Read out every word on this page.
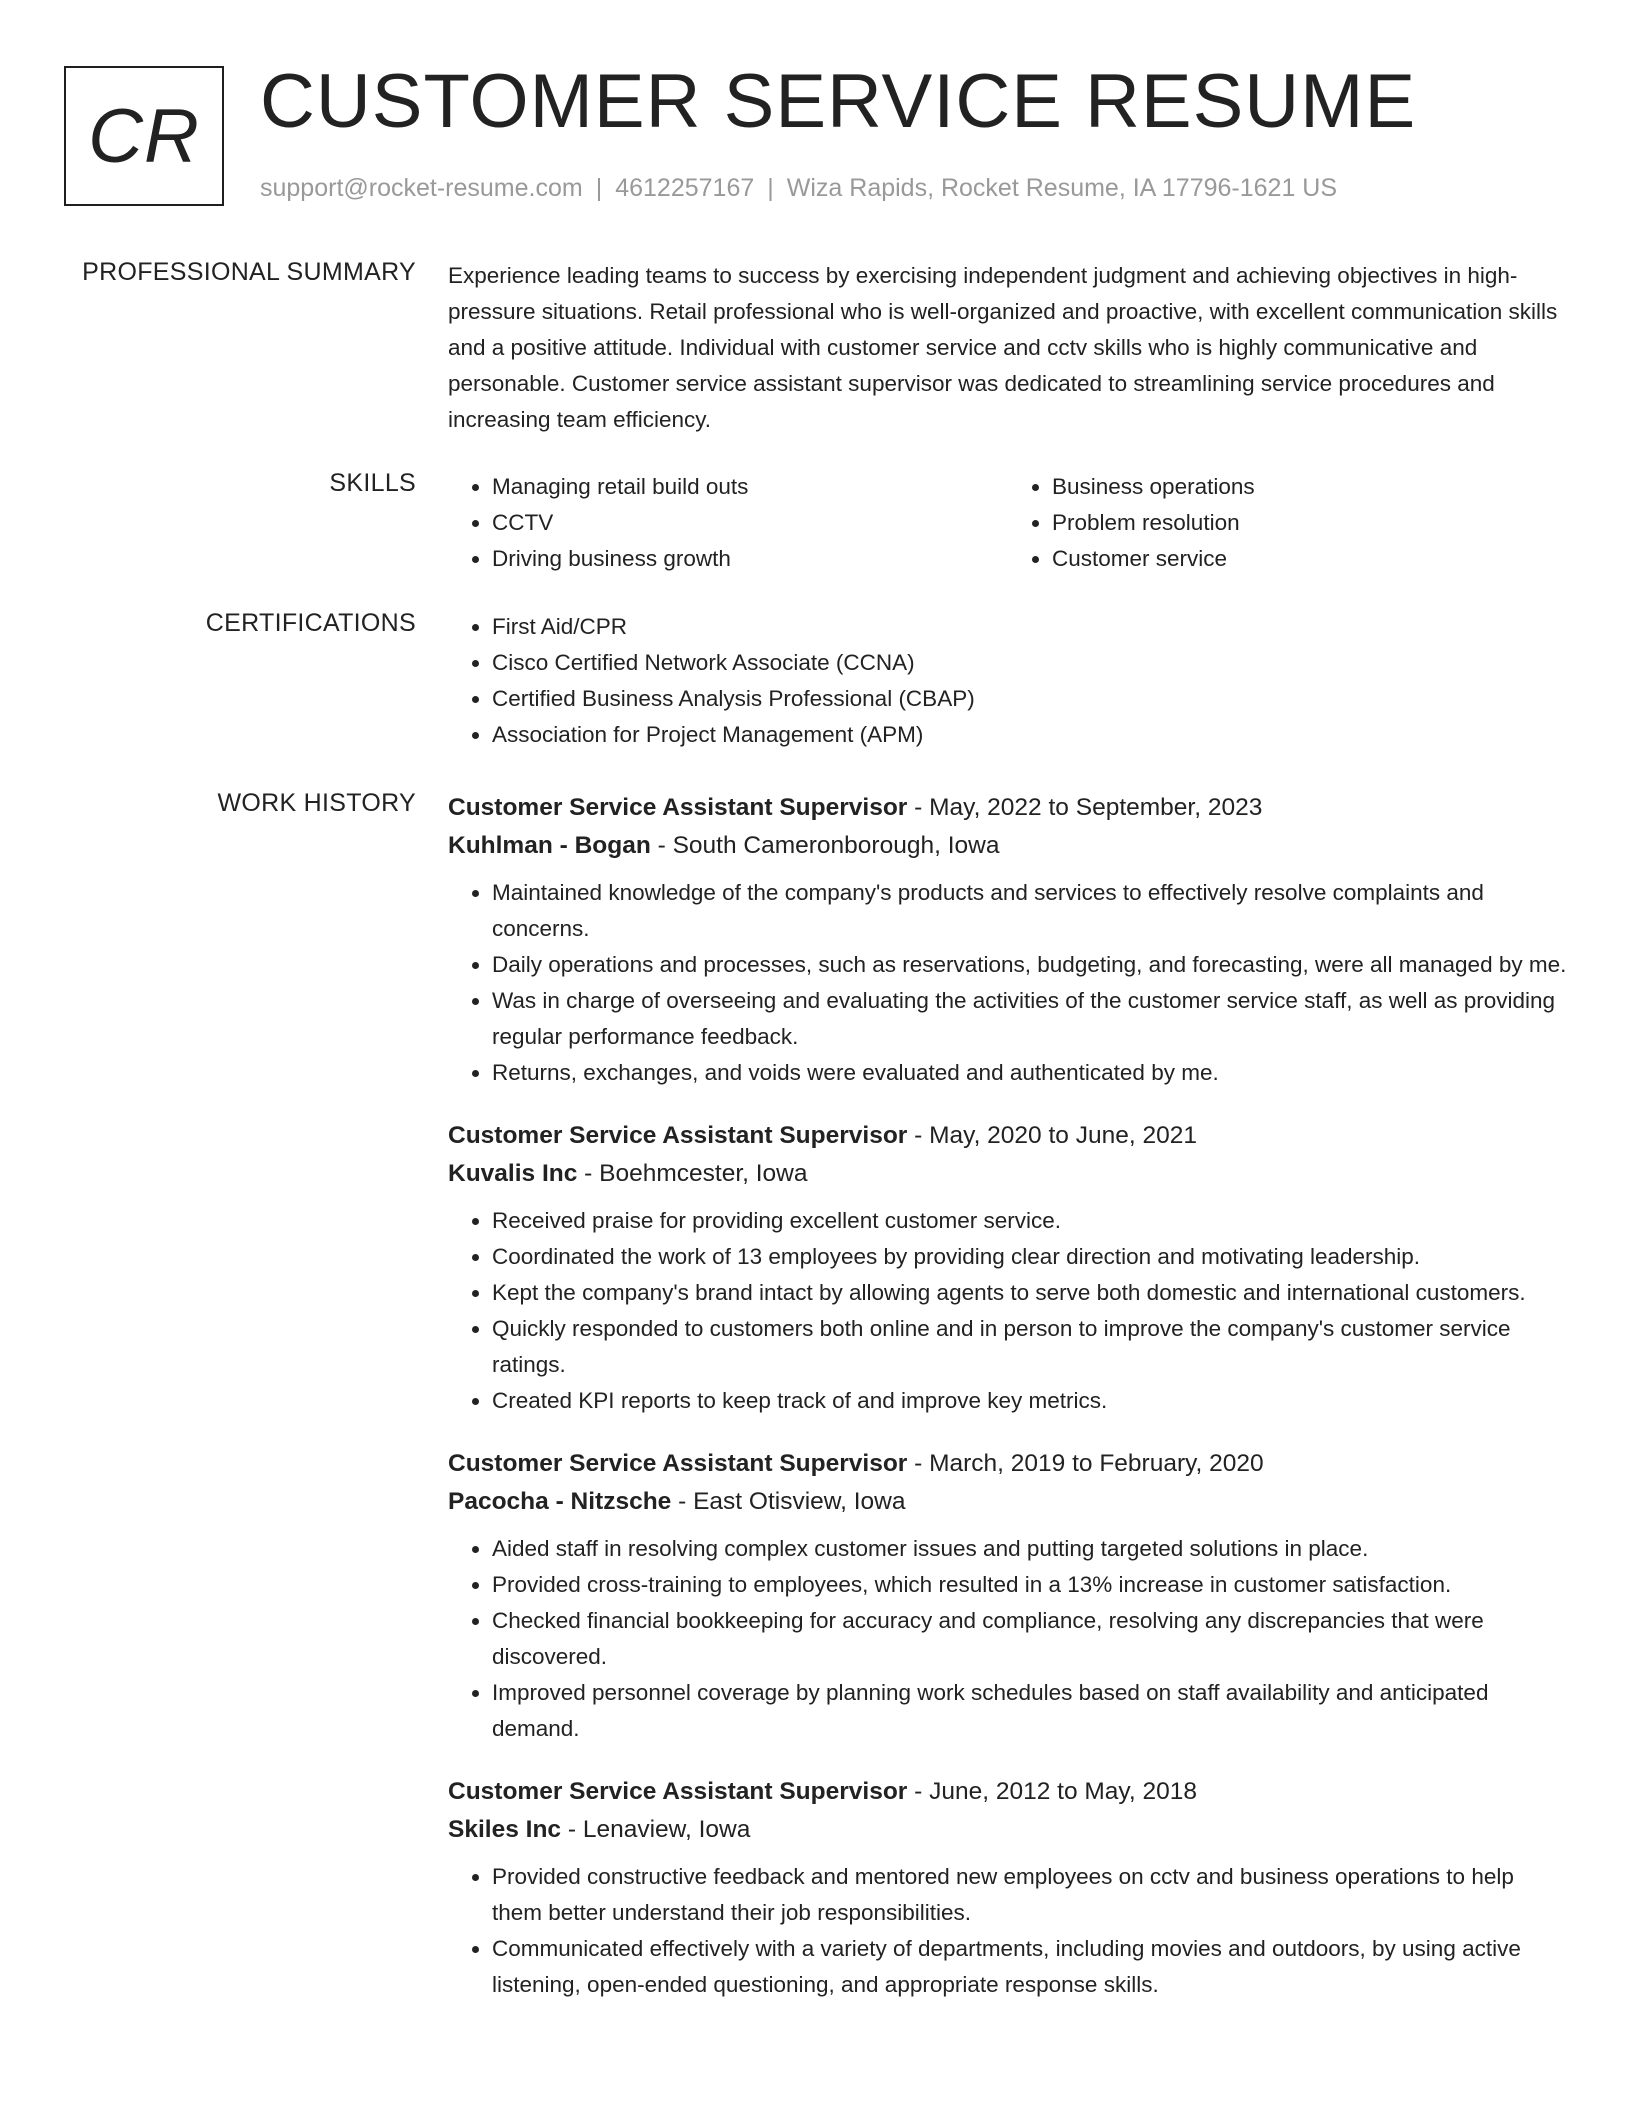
CR CUSTOMER SERVICE RESUME
support@rocket-resume.com | 4612257167 | Wiza Rapids, Rocket Resume, IA 17796-1621 US
PROFESSIONAL SUMMARY Experience leading teams to success by exercising independent judgment and achieving objectives in high-pressure situations. Retail professional who is well-organized and proactive, with excellent communication skills and a positive attitude. Individual with customer service and cctv skills who is highly communicative and personable. Customer service assistant supervisor was dedicated to streamlining service procedures and increasing team efficiency.

SKILLS	• Managing retail build outs
• CCTV
• Driving business growth
• Business operations
• Problem resolution
• Customer service
CERTIFICATIONS	• First Aid/CPR
• Cisco Certified Network Associate (CCNA)
• Certified Business Analysis Professional (CBAP)
• Association for Project Management (APM)
WORK HISTORY Customer Service Assistant Supervisor - May, 2022 to September, 2023
Kuhlman - Bogan - South Cameronborough, Iowa
• Maintained knowledge of the company's products and services to effectively resolve complaints and concerns.
• Daily operations and processes, such as reservations, budgeting, and forecasting, were all managed by me.
• Was in charge of overseeing and evaluating the activities of the customer service staff, as well as providing regular performance feedback.
• Returns, exchanges, and voids were evaluated and authenticated by me.
Customer Service Assistant Supervisor - May, 2020 to June, 2021
Kuvalis Inc - Boehmcester, Iowa
• Received praise for providing excellent customer service.
• Coordinated the work of 13 employees by providing clear direction and motivating leadership.
• Kept the company's brand intact by allowing agents to serve both domestic and international customers.
• Quickly responded to customers both online and in person to improve the company's customer service ratings.
• Created KPI reports to keep track of and improve key metrics.
Customer Service Assistant Supervisor - March, 2019 to February, 2020
Pacocha - Nitzsche - East Otisview, Iowa
• Aided staff in resolving complex customer issues and putting targeted solutions in place.
• Provided cross-training to employees, which resulted in a 13% increase in customer satisfaction.
• Checked financial bookkeeping for accuracy and compliance, resolving any discrepancies that were discovered.
• Improved personnel coverage by planning work schedules based on staff availability and anticipated demand.
Customer Service Assistant Supervisor - June, 2012 to May, 2018
Skiles Inc - Lenaview, Iowa
• Provided constructive feedback and mentored new employees on cctv and business operations to help them better understand their job responsibilities.
• Communicated effectively with a variety of departments, including movies and outdoors, by using active listening, open-ended questioning, and appropriate response skills.
